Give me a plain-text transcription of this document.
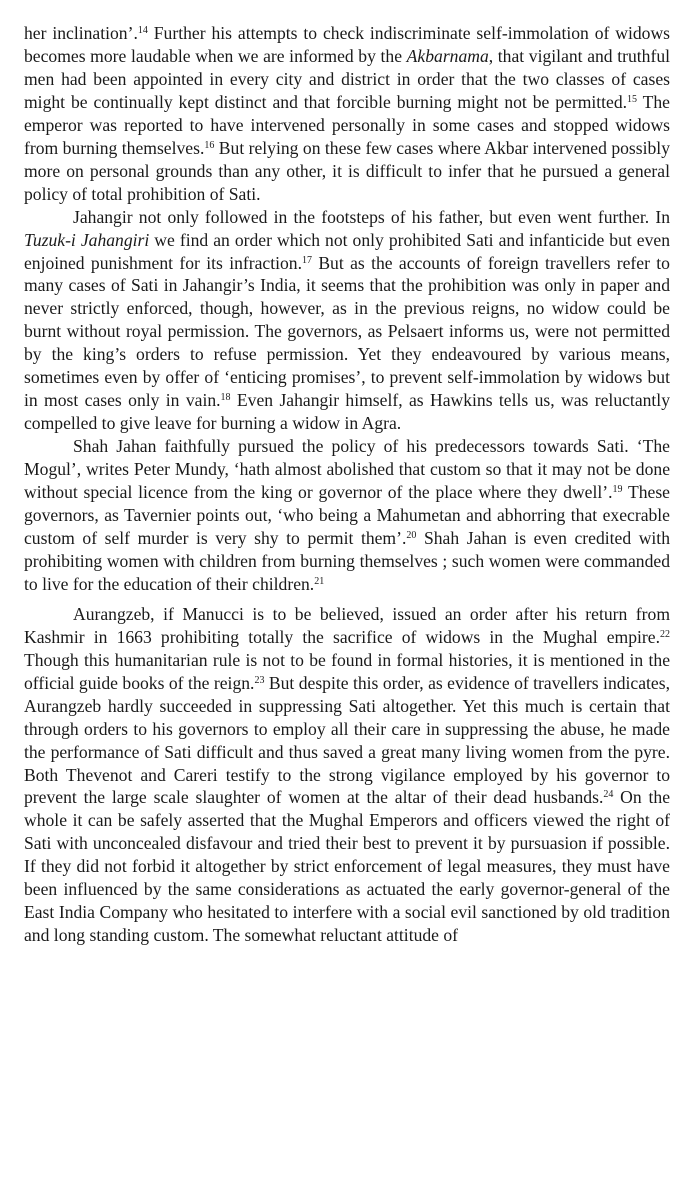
her inclination’.$^{14}$ Further his attempts to check indiscriminate self-immolation of widows becomes more laudable when we are informed by the Akbarnama, that vigilant and truthful men had been appointed in every city and district in order that the two classes of cases might be continually kept distinct and that forcible burning might not be permitted.$^{15}$ The emperor was reported to have intervened personally in some cases and stopped widows from burning themselves.$^{16}$ But relying on these few cases where Akbar intervened possibly more on personal grounds than any other, it is difficult to infer that he pursued a general policy of total prohibition of Sati.

Jahangir not only followed in the footsteps of his father, but even went further. In Tuzuk-i Jahangiri we find an order which not only prohibited Sati and infanticide but even enjoined punishment for its infraction.$^{17}$ But as the accounts of foreign travellers refer to many cases of Sati in Jahangir’s India, it seems that the prohibition was only in paper and never strictly enforced, though, however, as in the previous reigns, no widow could be burnt without royal permission. The governors, as Pelsaert informs us, were not permitted by the king’s orders to refuse permission. Yet they endeavoured by various means, sometimes even by offer of ‘enticing promises’, to prevent self-immolation by widows but in most cases only in vain.$^{18}$ Even Jahangir himself, as Hawkins tells us, was reluctantly compelled to give leave for burning a widow in Agra.

Shah Jahan faithfully pursued the policy of his predecessors towards Sati. ‘The Mogul’, writes Peter Mundy, ‘hath almost abolished that custom so that it may not be done without special licence from the king or governor of the place where they dwell’.$^{19}$ These governors, as Tavernier points out, ‘who being a Mahumetan and abhorring that execrable custom of self murder is very shy to permit them’.$^{20}$ Shah Jahan is even credited with prohibiting women with children from burning themselves ; such women were commanded to live for the education of their children.$^{21}$

Aurangzeb, if Manucci is to be believed, issued an order after his return from Kashmir in 1663 prohibiting totally the sacrifice of widows in the Mughal empire.$^{22}$ Though this humanitarian rule is not to be found in formal histories, it is mentioned in the official guide books of the reign.$^{23}$ But despite this order, as evidence of travellers indicates, Aurangzeb hardly succeeded in suppressing Sati altogether. Yet this much is certain that through orders to his governors to employ all their care in suppressing the abuse, he made the performance of Sati difficult and thus saved a great many living women from the pyre. Both Thevenot and Careri testify to the strong vigilance employed by his governor to prevent the large scale slaughter of women at the altar of their dead husbands.$^{24}$ On the whole it can be safely asserted that the Mughal Emperors and officers viewed the right of Sati with unconcealed disfavour and tried their best to prevent it by pursuasion if possible. If they did not forbid it altogether by strict enforcement of legal measures, they must have been influenced by the same considerations as actuated the early governor-general of the East India Company who hesitated to interfere with a social evil sanctioned by old tradition and long standing custom. The somewhat reluctant attitude of
